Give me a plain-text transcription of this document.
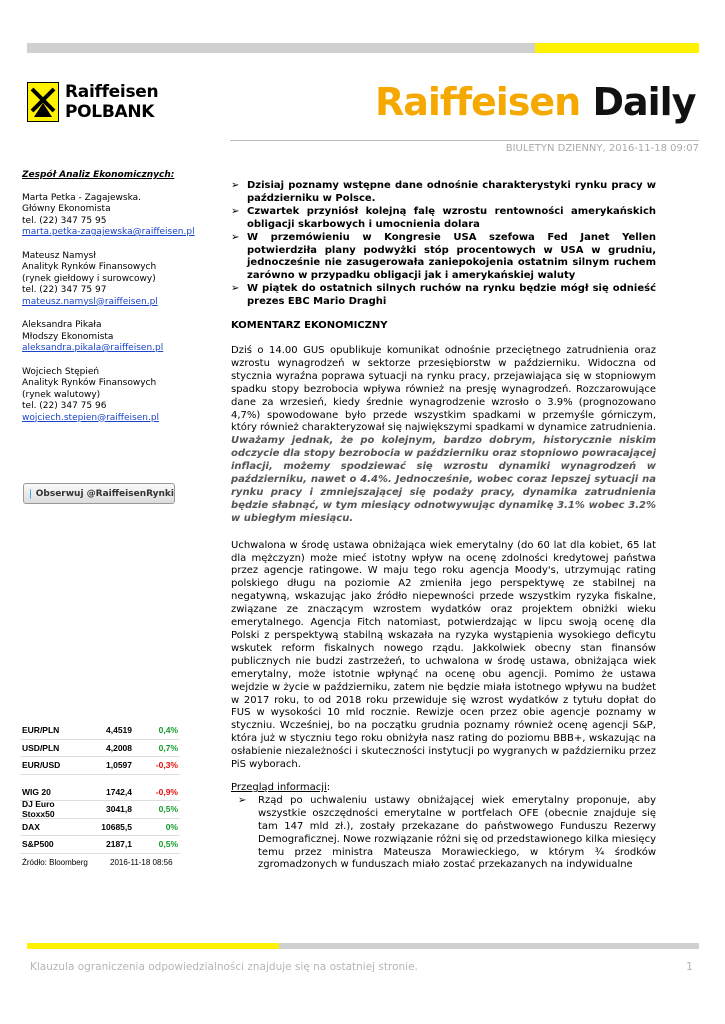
Raiffeisen
POLBANK	Raiffeisen Daily
BIULETYN DZIENNY, 2016-11-18 09:07
Zespół Analiz Ekonomicznych:
Marta Petka - Zagajewska.
Główny Ekonomista
tel. (22) 347 75 95
marta.petka-zagajewska@raiffeisen.pl
Mateusz Namysł
Analityk Rynków Finansowych
(rynek giełdowy i surowcowy)
tel. (22) 347 75 97
mateusz.namysl@raiffeisen.pl
Aleksandra Pikała
Młodszy Ekonomista
aleksandra.pikala@raiffeisen.pl
Wojciech Stępień
Analityk Rynków Finansowych
(rynek walutowy)
tel. (22) 347 75 96
wojciech.stepien@raiffeisen.pl
Obserwuj @RaiffeisenRynki
EUR/PLN	4,4519	0,4%
USD/PLN	4,2008	0,7%
EUR/USD	1,0597	-0,3%
WIG 20	1742,4	-0,9%
DJ Euro Stoxx50	3041,8	0,5%
DAX	10685,5	0%
S&P500	2187,1	0,5%
Źródło: Bloomberg	2016-11-18 08:56
➢ Dzisiaj poznamy wstępne dane odnośnie charakterystyki rynku pracy w październiku w Polsce.
➢ Czwartek przyniósł kolejną falę wzrostu rentowności amerykańskich obligacji skarbowych i umocnienia dolara
➢ W przemówieniu w Kongresie USA szefowa Fed Janet Yellen potwierdziła plany podwyżki stóp procentowych w USA w grudniu, jednocześnie nie zasugerowała zaniepokojenia ostatnim silnym ruchem zarówno w przypadku obligacji jak i amerykańskiej waluty
➢ W piątek do ostatnich silnych ruchów na rynku będzie mógł się odnieść prezes EBC Mario Draghi
KOMENTARZ EKONOMICZNY

Dziś o 14.00 GUS opublikuje komunikat odnośnie przeciętnego zatrudnienia oraz wzrostu wynagrodzeń w sektorze przesiębiorstw w październiku. Widoczna od stycznia wyraźna poprawa sytuacji na rynku pracy, przejawiająca się w stopniowym spadku stopy bezrobocia wpływa również na presję wynagrodzeń. Rozczarowujące dane za wrzesień, kiedy średnie wynagrodzenie wzrosło o 3.9% (prognozowano 4,7%) spowodowane było przede wszystkim spadkami w przemyśle górniczym, który również charakteryzował się największymi spadkami w dynamice zatrudnienia. Uważamy jednak, że po kolejnym, bardzo dobrym, historycznie niskim odczycie dla stopy bezrobocia w październiku oraz stopniowo powracającej inflacji, możemy spodziewać się wzrostu dynamiki wynagrodzeń w październiku, nawet o 4.4%. Jednocześnie, wobec coraz lepszej sytuacji na rynku pracy i zmniejszającej się podaży pracy, dynamika zatrudnienia będzie słabnąć, w tym miesiący odnotwywując dynamikę 3.1% wobec 3.2% w ubiegłym miesiącu.

Uchwalona w środę ustawa obniżająca wiek emerytalny (do 60 lat dla kobiet, 65 lat dla mężczyzn) może mieć istotny wpływ na ocenę zdolności kredytowej państwa przez agencje ratingowe. W maju tego roku agencja Moody's, utrzymując rating polskiego długu na poziomie A2 zmieniła jego perspektywę ze stabilnej na negatywną, wskazując jako źródło niepewności przede wszystkim ryzyka fiskalne, związane ze znaczącym wzrostem wydatków oraz projektem obniżki wieku emerytalnego. Agencja Fitch natomiast, potwierdzając w lipcu swoją ocenę dla Polski z perspektywą stabilną wskazała na ryzyka wystąpienia wysokiego deficytu wskutek reform fiskalnych nowego rządu. Jakkolwiek obecny stan finansów publicznych nie budzi zastrzeżeń, to uchwalona w środę ustawa, obniżająca wiek emerytalny, może istotnie wpłynąć na ocenę obu agencji. Pomimo że ustawa wejdzie w życie w październiku, zatem nie będzie miała istotnego wpływu na budżet w 2017 roku, to od 2018 roku przewiduje się wzrost wydatków z tytułu dopłat do FUS w wysokości 10 mld rocznie. Rewizje ocen przez obie agencje poznamy w styczniu. Wcześniej, bo na początku grudnia poznamy również ocenę agencji S&P, która już w styczniu tego roku obniżyła nasz rating do poziomu BBB+, wskazując na osłabienie niezależności i skuteczności instytucji po wygranych w październiku przez PiS wyborach.

Przegląd informacji:
➢ Rząd po uchwaleniu ustawy obniżającej wiek emerytalny proponuje, aby wszystkie oszczędności emerytalne w portfelach OFE (obecnie znajduje się tam 147 mld zł.), zostały przekazane do państwowego Funduszu Rezerwy Demograficznej. Nowe rozwiązanie różni się od przedstawionego kilka miesięcy temu przez ministra Mateusza Morawieckiego, w którym ¾ środków zgromadzonych w funduszach miało zostać przekazanych na indywidualne
Klauzula ograniczenia odpowiedzialności znajduje się na ostatniej stronie.	1
